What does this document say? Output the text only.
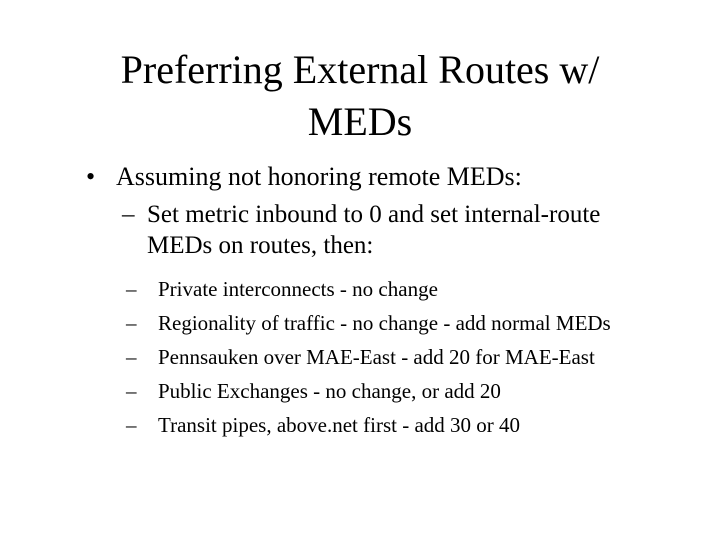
Preferring External Routes w/
MEDs
• Assuming not honoring remote MEDs:
– Set metric inbound to 0 and set internal-route MEDs on routes, then:
– Private interconnects - no change
– Regionality of traffic - no change - add normal MEDs
– Pennsauken over MAE-East - add 20 for MAE-East
– Public Exchanges - no change, or add 20
– Transit pipes, above.net first - add 30 or 40
